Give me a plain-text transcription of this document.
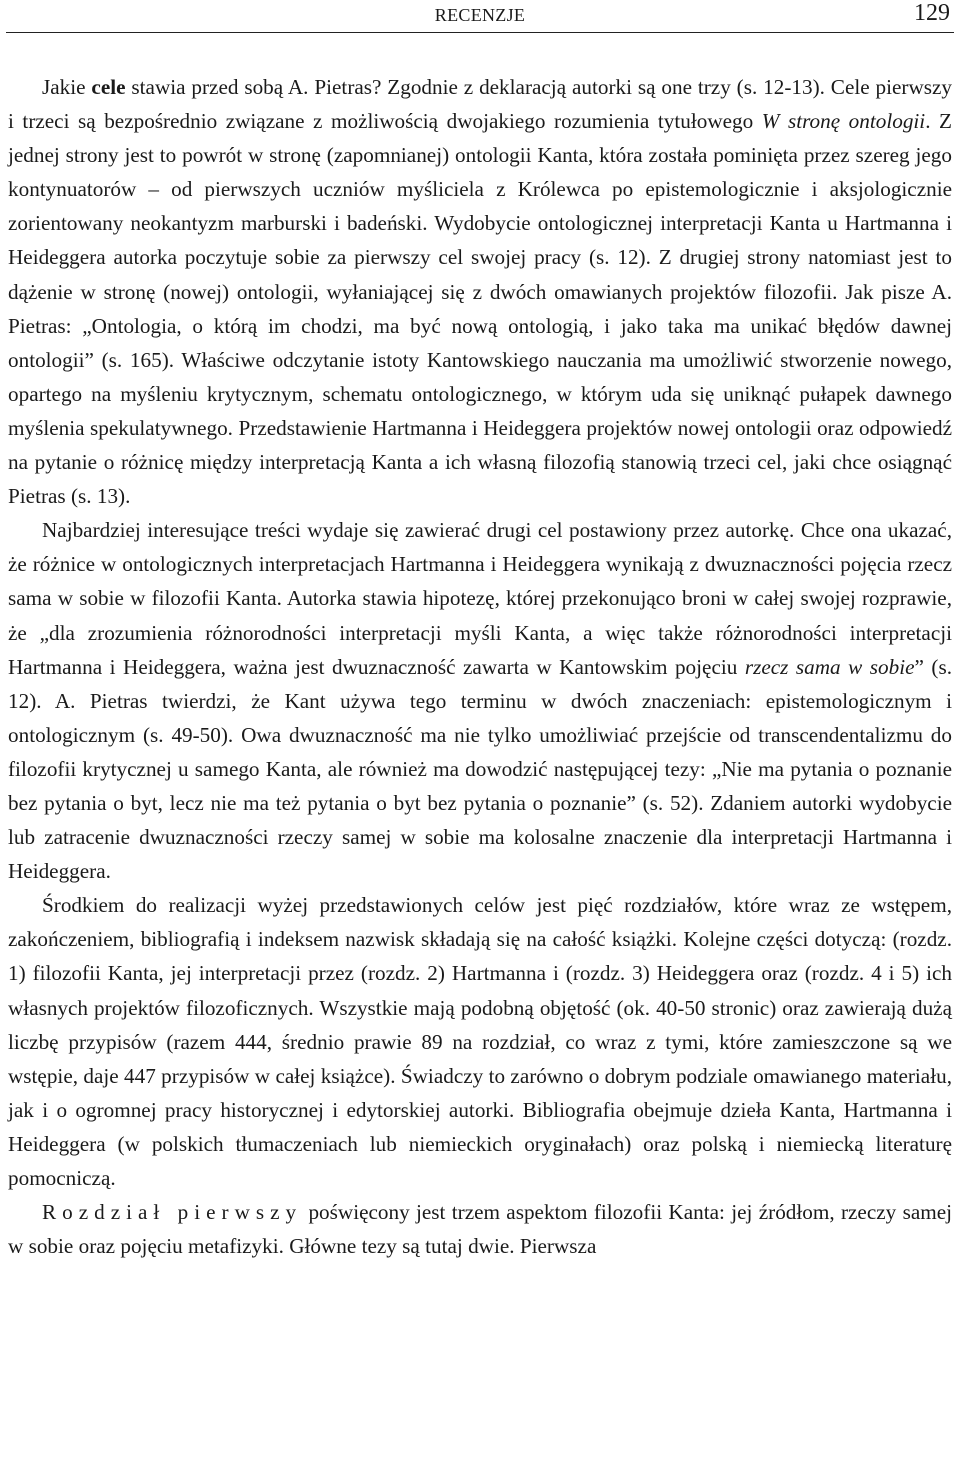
RECENZJE	129

Jakie cele stawia przed sobą A. Pietras? Zgodnie z deklaracją autorki są one trzy (s. 12-13). Cele pierwszy i trzeci są bezpośrednio związane z możliwością dwojakiego rozumienia tytułowego W stronę ontologii. Z jednej strony jest to powrót w stronę (zapomnianej) ontologii Kanta, która została pominięta przez szereg jego kontynuatorów – od pierwszych uczniów myśliciela z Królewca po epistemologicznie i aksjologicznie zorientowany neokantyzm marburski i badeński. Wydobycie ontologicznej interpretacji Kanta u Hartmanna i Heideggera autorka poczytuje sobie za pierwszy cel swojej pracy (s. 12). Z drugiej strony natomiast jest to dążenie w stronę (nowej) ontologii, wyłaniającej się z dwóch omawianych projektów filozofii. Jak pisze A. Pietras: „Ontologia, o którą im chodzi, ma być nową ontologią, i jako taka ma unikać błędów dawnej ontologii” (s. 165). Właściwe odczytanie istoty Kantowskiego nauczania ma umożliwić stworzenie nowego, opartego na myśleniu krytycznym, schematu ontologicznego, w którym uda się uniknąć pułapek dawnego myślenia spekulatywnego. Przedstawienie Hartmanna i Heideggera projektów nowej ontologii oraz odpowiedź na pytanie o różnicę między interpretacją Kanta a ich własną filozofią stanowią trzeci cel, jaki chce osiągnąć Pietras (s. 13).

Najbardziej interesujące treści wydaje się zawierać drugi cel postawiony przez autorkę. Chce ona ukazać, że różnice w ontologicznych interpretacjach Hartmanna i Heideggera wynikają z dwuznaczności pojęcia rzecz sama w sobie w filozofii Kanta. Autorka stawia hipotezę, której przekonująco broni w całej swojej rozprawie, że „dla zrozumienia różnorodności interpretacji myśli Kanta, a więc także różnorodności interpretacji Hartmanna i Heideggera, ważna jest dwuznaczność zawarta w Kantowskim pojęciu rzecz sama w sobie” (s. 12). A. Pietras twierdzi, że Kant używa tego terminu w dwóch znaczeniach: epistemologicznym i ontologicznym (s. 49-50). Owa dwuznaczność ma nie tylko umożliwiać przejście od transcendentalizmu do filozofii krytycznej u samego Kanta, ale również ma dowodzić następującej tezy: „Nie ma pytania o poznanie bez pytania o byt, lecz nie ma też pytania o byt bez pytania o poznanie” (s. 52). Zdaniem autorki wydobycie lub zatracenie dwuznaczności rzeczy samej w sobie ma kolosalne znaczenie dla interpretacji Hartmanna i Heideggera.

Środkiem do realizacji wyżej przedstawionych celów jest pięć rozdziałów, które wraz ze wstępem, zakończeniem, bibliografią i indeksem nazwisk składają się na całość książki. Kolejne części dotyczą: (rozdz. 1) filozofii Kanta, jej interpretacji przez (rozdz. 2) Hartmanna i (rozdz. 3) Heideggera oraz (rozdz. 4 i 5) ich własnych projektów filozoficznych. Wszystkie mają podobną objętość (ok. 40-50 stronic) oraz zawierają dużą liczbę przypisów (razem 444, średnio prawie 89 na rozdział, co wraz z tymi, które zamieszczone są we wstępie, daje 447 przypisów w całej książce). Świadczy to zarówno o dobrym podziale omawianego materiału, jak i o ogromnej pracy historycznej i edytorskiej autorki. Bibliografia obejmuje dzieła Kanta, Hartmanna i Heideggera (w polskich tłumaczeniach lub niemieckich oryginałach) oraz polską i niemiecką literaturę pomocniczą.

Rozdział pierwszy poświęcony jest trzem aspektom filozofii Kanta: jej źródłom, rzeczy samej w sobie oraz pojęciu metafizyki. Główne tezy są tutaj dwie. Pierwsza
